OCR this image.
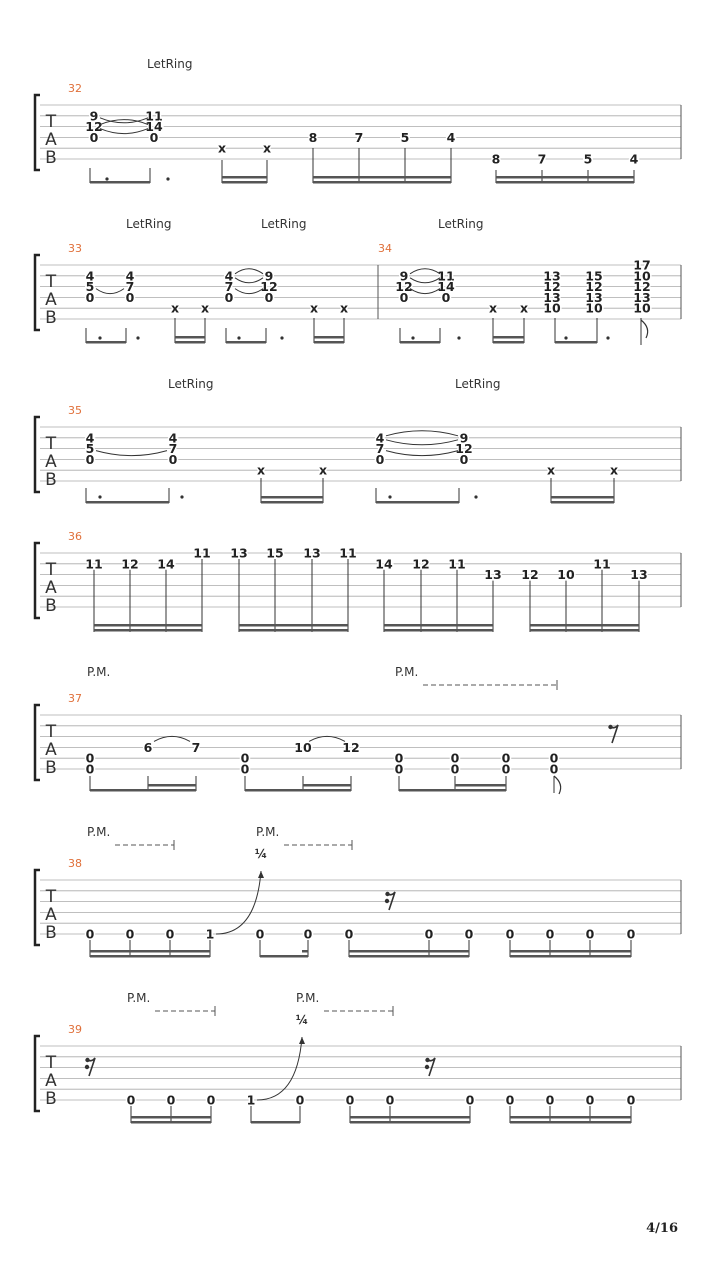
T
A
B
32
LetRing
9
12
0
11
14
0
x	x
8	7	5	4
8	7	5	4
T
A
B
33	34
LetRing	LetRing	LetRing
4
5
0
4
7
0
x x
4
7
0
9
12
0
x x
9
12
0
11
14
0
x x
13
12
13
10
15
12
13
10
17
10
12
13
10
T
A
B
35
LetRing	LetRing
4
5
0
4
7
0
x	x
4
7
0
9
12
0
x	x
T
A
B
36
11 12 14
11 13 15 13 11
14 12 11
13 12 10
11
13
T
A
B
37
P.M.	P.M.
0
0
6	7
0
0
10 12
0
0
0
0
0
0
0
0
T
A
B
38
P.M.	P.M.
0	0	0	1
¼
0	0	0	0	0	0	0	0	0
T
A
B
39
P.M.	P.M.
0	0	0	1	0
¼
0	0	0	0	0	0	0
4/16
